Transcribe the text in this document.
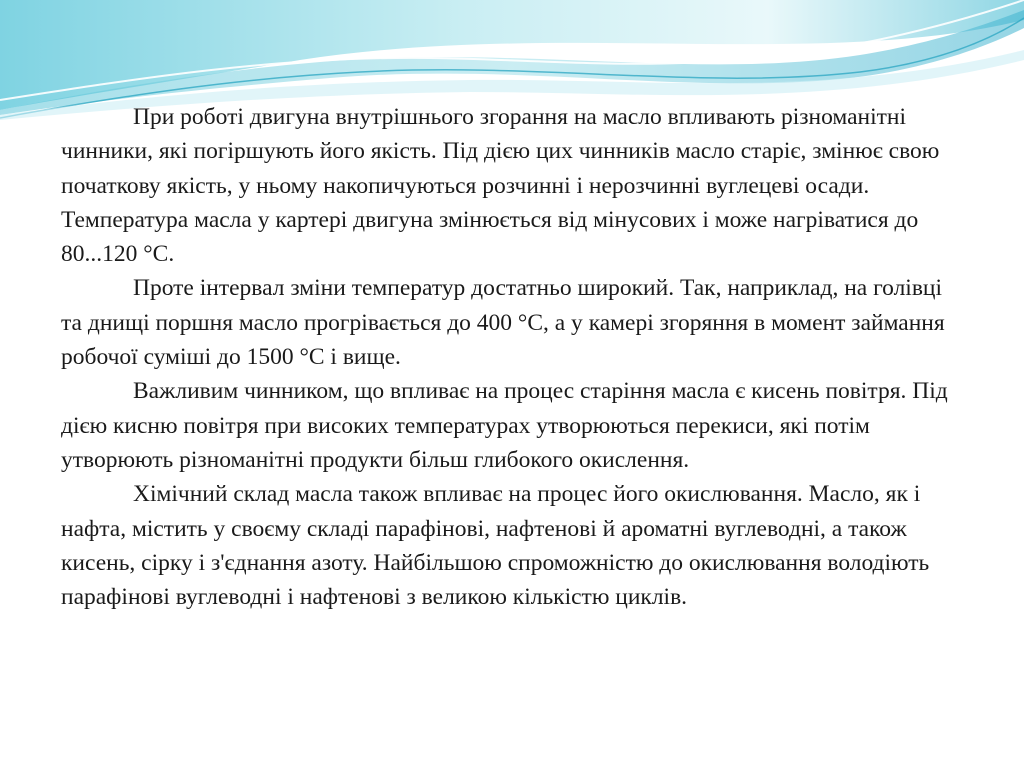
При роботі двигуна внутрішнього згорання на масло впливають різноманітні чинники, які погіршують його якість. Під дією цих чинників масло старіє, змінює свою початкову якість, у ньому накопичуються розчинні і нерозчинні вуглецеві осади. Температура масла у картері двигуна змінюється від мінусових і може нагріватися до 80...120 °С.

Проте інтервал зміни температур достатньо широкий. Так, наприклад, на голівці та днищі поршня масло прогрівається до 400 °С, а у камері згоряння в момент займання робочої суміші до 1500 °С і вище.

Важливим чинником, що впливає на процес старіння масла є кисень повітря. Під дією кисню повітря при високих температурах утворюються перекиси, які потім утворюють різноманітні продукти більш глибокого окислення.

Хімічний склад масла також впливає на процес його окислювання. Масло, як і нафта, містить у своєму складі парафінові, нафтенові й ароматні вуглеводні, а також кисень, сірку і з'єднання азоту. Найбільшою спроможністю до окислювання володіють парафінові вуглеводні і нафтенові з великою кількістю циклів.
